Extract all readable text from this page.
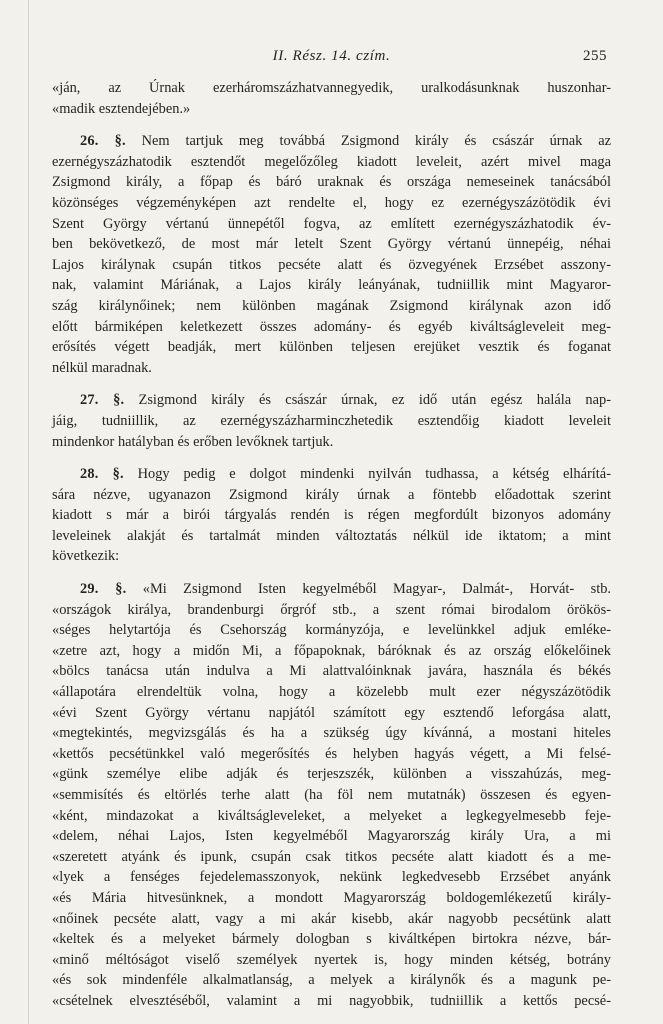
II. Rész. 14. czím.	255

«ján, az Úrnak ezerháromszázhatvannegyedik, uralkodásunknak huszonhar-
«madik esztendejében.»

26. §. Nem tartjuk meg továbbá Zsigmond király és császár úrnak az
ezernégyszázhatodik esztendőt megelőzőleg kiadott leveleit, azért mivel maga
Zsigmond király, a főpap és báró uraknak és országa nemeseinek tanácsából
közönséges végzeményképen azt rendelte el, hogy ez ezernégyszázötödik évi
Szent György vértanú ünnepétől fogva, az említett ezernégyszázhatodik év-
ben bekövetkező, de most már letelt Szent György vértanú ünnepéig, néhai
Lajos királynak csupán titkos pecséte alatt és özvegyének Erzsébet asszony-
nak, valamint Máriának, a Lajos király leányának, tudniillik mint Magyaror-
szág királynőinek; nem különben magának Zsigmond királynak azon idő
előtt bármiképen keletkezett összes adomány- és egyéb kiváltságleveleit meg-
erősítés végett beadják, mert különben teljesen erejüket vesztik és foganat
nélkül maradnak.

27. §. Zsigmond király és császár úrnak, ez idő után egész halála nap-
jáig, tudniillik, az ezernégyszázharminczhetedik esztendőig kiadott leveleit
mindenkor hatályban és erőben levőknek tartjuk.

28. §. Hogy pedig e dolgot mindenki nyilván tudhassa, a kétség elhárítá-
sára nézve, ugyanazon Zsigmond király úrnak a föntebb előadottak szerint
kiadott s már a birói tárgyalás rendén is régen megfordúlt bizonyos adomány
leveleinek alakját és tartalmát minden változtatás nélkül ide iktatom; a mint
következik:

29. §. «Mi Zsigmond Isten kegyelméből Magyar-, Dalmát-, Horvát- stb.
«országok királya, brandenburgi őrgróf stb., a szent római birodalom örökös-
«séges helytartója és Csehország kormányzója, e levelünkkel adjuk emléke-
«zetre azt, hogy a midőn Mi, a főpapoknak, báróknak és az ország előkelőinek
«bölcs tanácsa után indulva a Mi alattvalóinknak javára, használa és békés
«állapotára elrendeltük volna, hogy a közelebb mult ezer négyszázötödik
«évi Szent György vértanu napjától számított egy esztendő leforgása alatt,
«megtekintés, megvizsgálás és ha a szükség úgy kívánná, a mostani hiteles
«kettős pecsétünkkel való megerősítés és helyben hagyás végett, a Mi felsé-
«günk személye elibe adják és terjeszszék, különben a visszahúzás, meg-
«semmisítés és eltörlés terhe alatt (ha föl nem mutatnák) összesen és egyen-
«ként, mindazokat a kiváltságleveleket, a melyeket a legkegyelmesebb feje-
«delem, néhai Lajos, Isten kegyelméből Magyarország király Ura, a mi
«szeretett atyánk és ipunk, csupán csak titkos pecséte alatt kiadott és a me-
«lyek a fenséges fejedelemasszonyok, nekünk legkedvesebb Erzsébet anyánk
«és Mária hitvesünknek, a mondott Magyarország boldogemlékezetű király-
«nőinek pecséte alatt, vagy a mi akár kisebb, akár nagyobb pecsétünk alatt
«keltek és a melyeket bármely dologban s kiváltképen birtokra nézve, bár-
«minő méltóságot viselő személyek nyertek is, hogy minden kétség, botrány
«és sok mindenféle alkalmatlanság, a melyek a királynők és a magunk pe-
«csételnek elvesztéséből, valamint a mi nagyobbik, tudniillik a kettős pecsé-
